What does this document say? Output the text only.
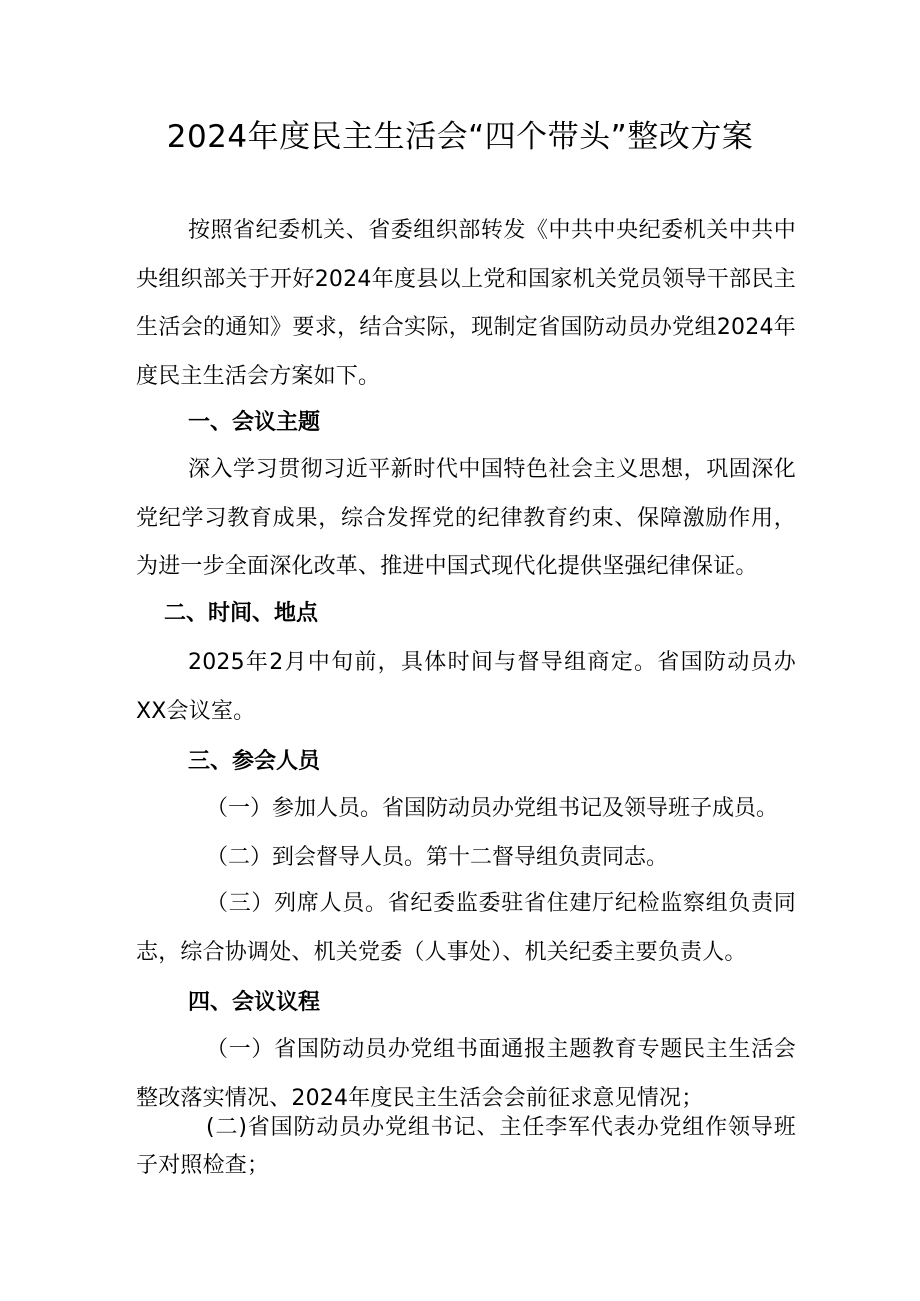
2024年度民主生活会“四个带头”整改方案
按照省纪委机关、省委组织部转发《中共中央纪委机关中共中央组织部关于开好2024年度县以上党和国家机关党员领导干部民主生活会的通知》要求，结合实际，现制定省国防动员办党组2024年度民主生活会方案如下。
一、会议主题
深入学习贯彻习近平新时代中国特色社会主义思想，巩固深化党纪学习教育成果，综合发挥党的纪律教育约束、保障激励作用，为进一步全面深化改革、推进中国式现代化提供坚强纪律保证。
二、时间、地点
2025年2月中旬前，具体时间与督导组商定。省国防动员办XX会议室。
三、参会人员
（一）参加人员。省国防动员办党组书记及领导班子成员。
（二）到会督导人员。第十二督导组负责同志。
（三）列席人员。省纪委监委驻省住建厅纪检监察组负责同志，综合协调处、机关党委（人事处）、机关纪委主要负责人。
四、会议议程
（一）省国防动员办党组书面通报主题教育专题民主生活会整改落实情况、2024年度民主生活会会前征求意见情况；
(二)省国防动员办党组书记、主任李军代表办党组作领导班子对照检查；
